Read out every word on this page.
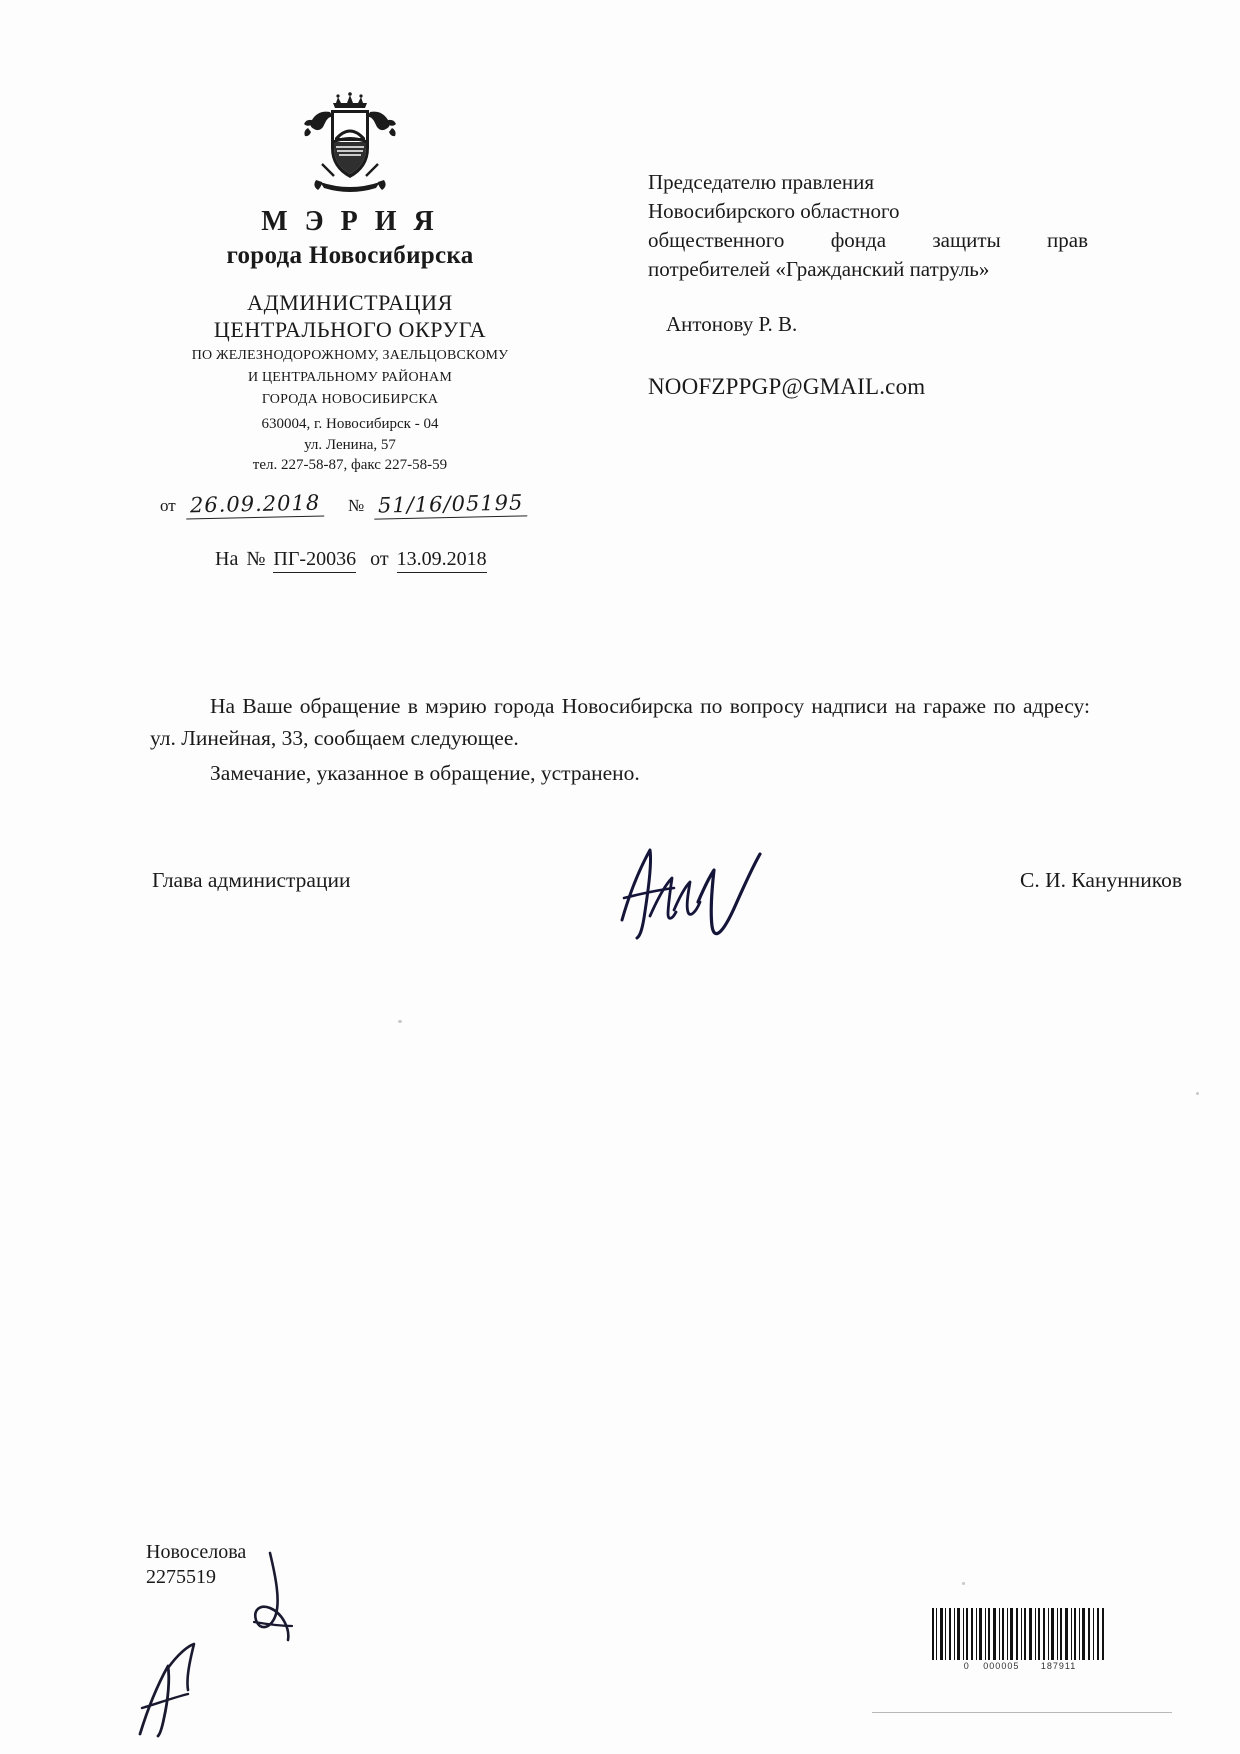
М Э Р И Я
города Новосибирска
АДМИНИСТРАЦИЯ
ЦЕНТРАЛЬНОГО ОКРУГА
ПО ЖЕЛЕЗНОДОРОЖНОМУ, ЗАЕЛЬЦОВСКОМУ
И ЦЕНТРАЛЬНОМУ РАЙОНАМ
ГОРОДА НОВОСИБИРСКА
630004, г. Новосибирск - 04
ул. Ленина, 57
тел. 227-58-87, факс 227-58-59
от 26.09.2018 № 51/16/05195
На № ПГ-20036 от 13.09.2018
Председателю правления
Новосибирского областного
общественного фонда защиты прав
потребителей «Гражданский патруль»
Антонову Р. В.
NOOFZPPGP@GMAIL.com

На Ваше обращение в мэрию города Новосибирска по вопросу надписи на гараже по адресу: ул. Линейная, 33, сообщаем следующее.

Замечание, указанное в обращение, устранено.

Глава администрации	С. И. Канунников
Новоселова
2275519
0 000005 187911
